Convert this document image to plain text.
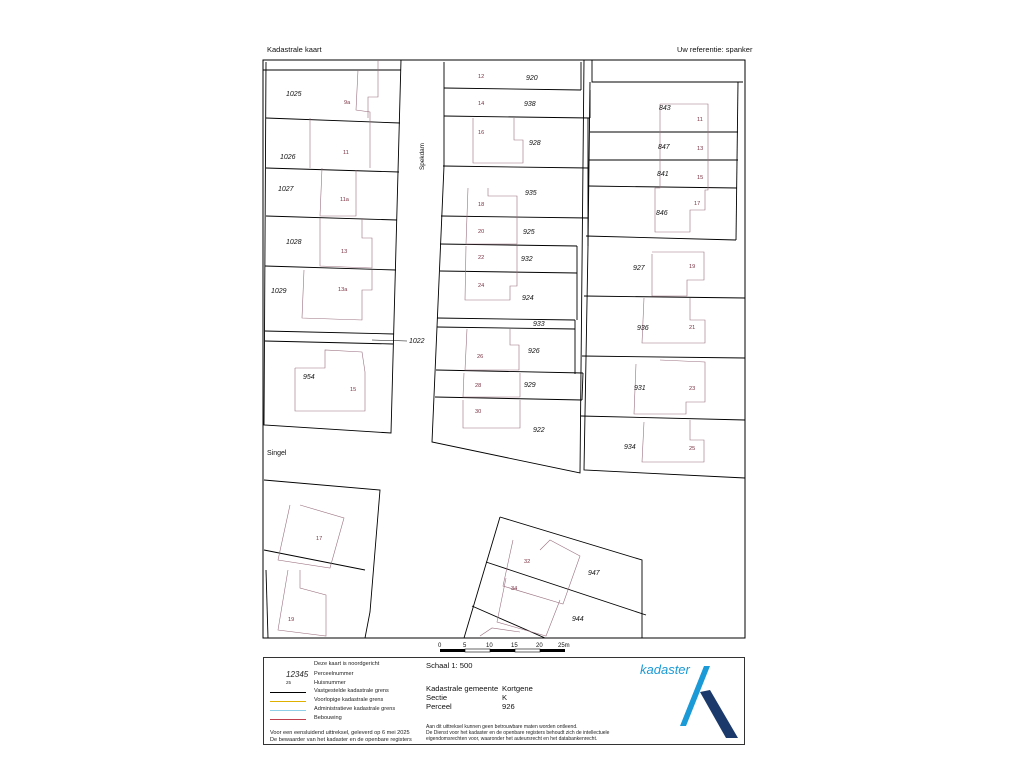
Kadastrale kaart	Uw referentie: spanker
1025
1026
1027
1028
1029
1022
954
920
938
928
935
925
932
924
933
926
929
922
843
847
841
846
927
936
931
934
947
944
9a
11
11a
13
13a
15
12
14
16
18
20
22
24
26
28
30
11
13
15
17
19
21
23
25
32
34
17
19
Spekdam
Singel
0	5	10	15	20	25m
Deze kaart is noordgericht
12345 Perceelnummer
25	Huisnummer
Vastgestelde kadastrale grens
Voorlopige kadastrale grens
Administratieve kadastrale grens
Bebouwing
Voor een eensluidend uittreksel, geleverd op 6 mei 2025
De bewaarder van het kadaster en de openbare registers
Schaal 1: 500
Kadastrale gemeente Kortgene
Sectie	K
Perceel	926
Aan dit uittreksel kunnen geen betrouwbare maten worden ontleend.
De Dienst voor het kadaster en de openbare registers behoudt zich de intellectuele
eigendomsrechten voor, waaronder het auteursrecht en het databankenrecht.
kadaster
